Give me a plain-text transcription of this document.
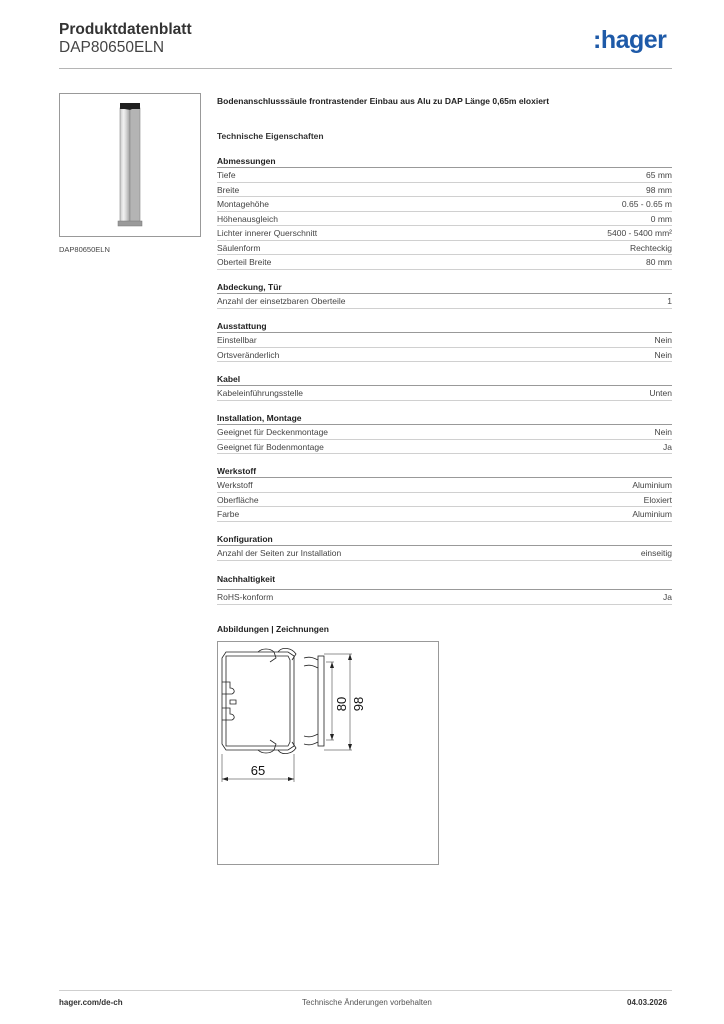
Produktdatenblatt
DAP80650ELN	:hager
DAP80650ELN
Bodenanschlusssäule frontrastender Einbau aus Alu zu DAP Länge 0,65m eloxiert
Technische Eigenschaften
Abmessungen
Tiefe	65 mm
Breite	98 mm
Montagehöhe	0.65 - 0.65 m
Höhenausgleich	0 mm
Lichter innerer Querschnitt	5400 - 5400 mm²
Säulenform	Rechteckig
Oberteil Breite	80 mm
Abdeckung, Tür
Anzahl der einsetzbaren Oberteile	1
Ausstattung
Einstellbar	Nein
Ortsveränderlich	Nein
Kabel
Kabeleinführungsstelle	Unten
Installation, Montage
Geeignet für Deckenmontage	Nein
Geeignet für Bodenmontage	Ja
Werkstoff
Werkstoff	Aluminium
Oberfläche	Eloxiert
Farbe	Aluminium
Konfiguration
Anzahl der Seiten zur Installation	einseitig
Nachhaltigkeit
RoHS-konform	Ja
Abbildungen | Zeichnungen
80 98
65
hager.com/de-ch	Technische Änderungen vorbehalten	04.03.2026
